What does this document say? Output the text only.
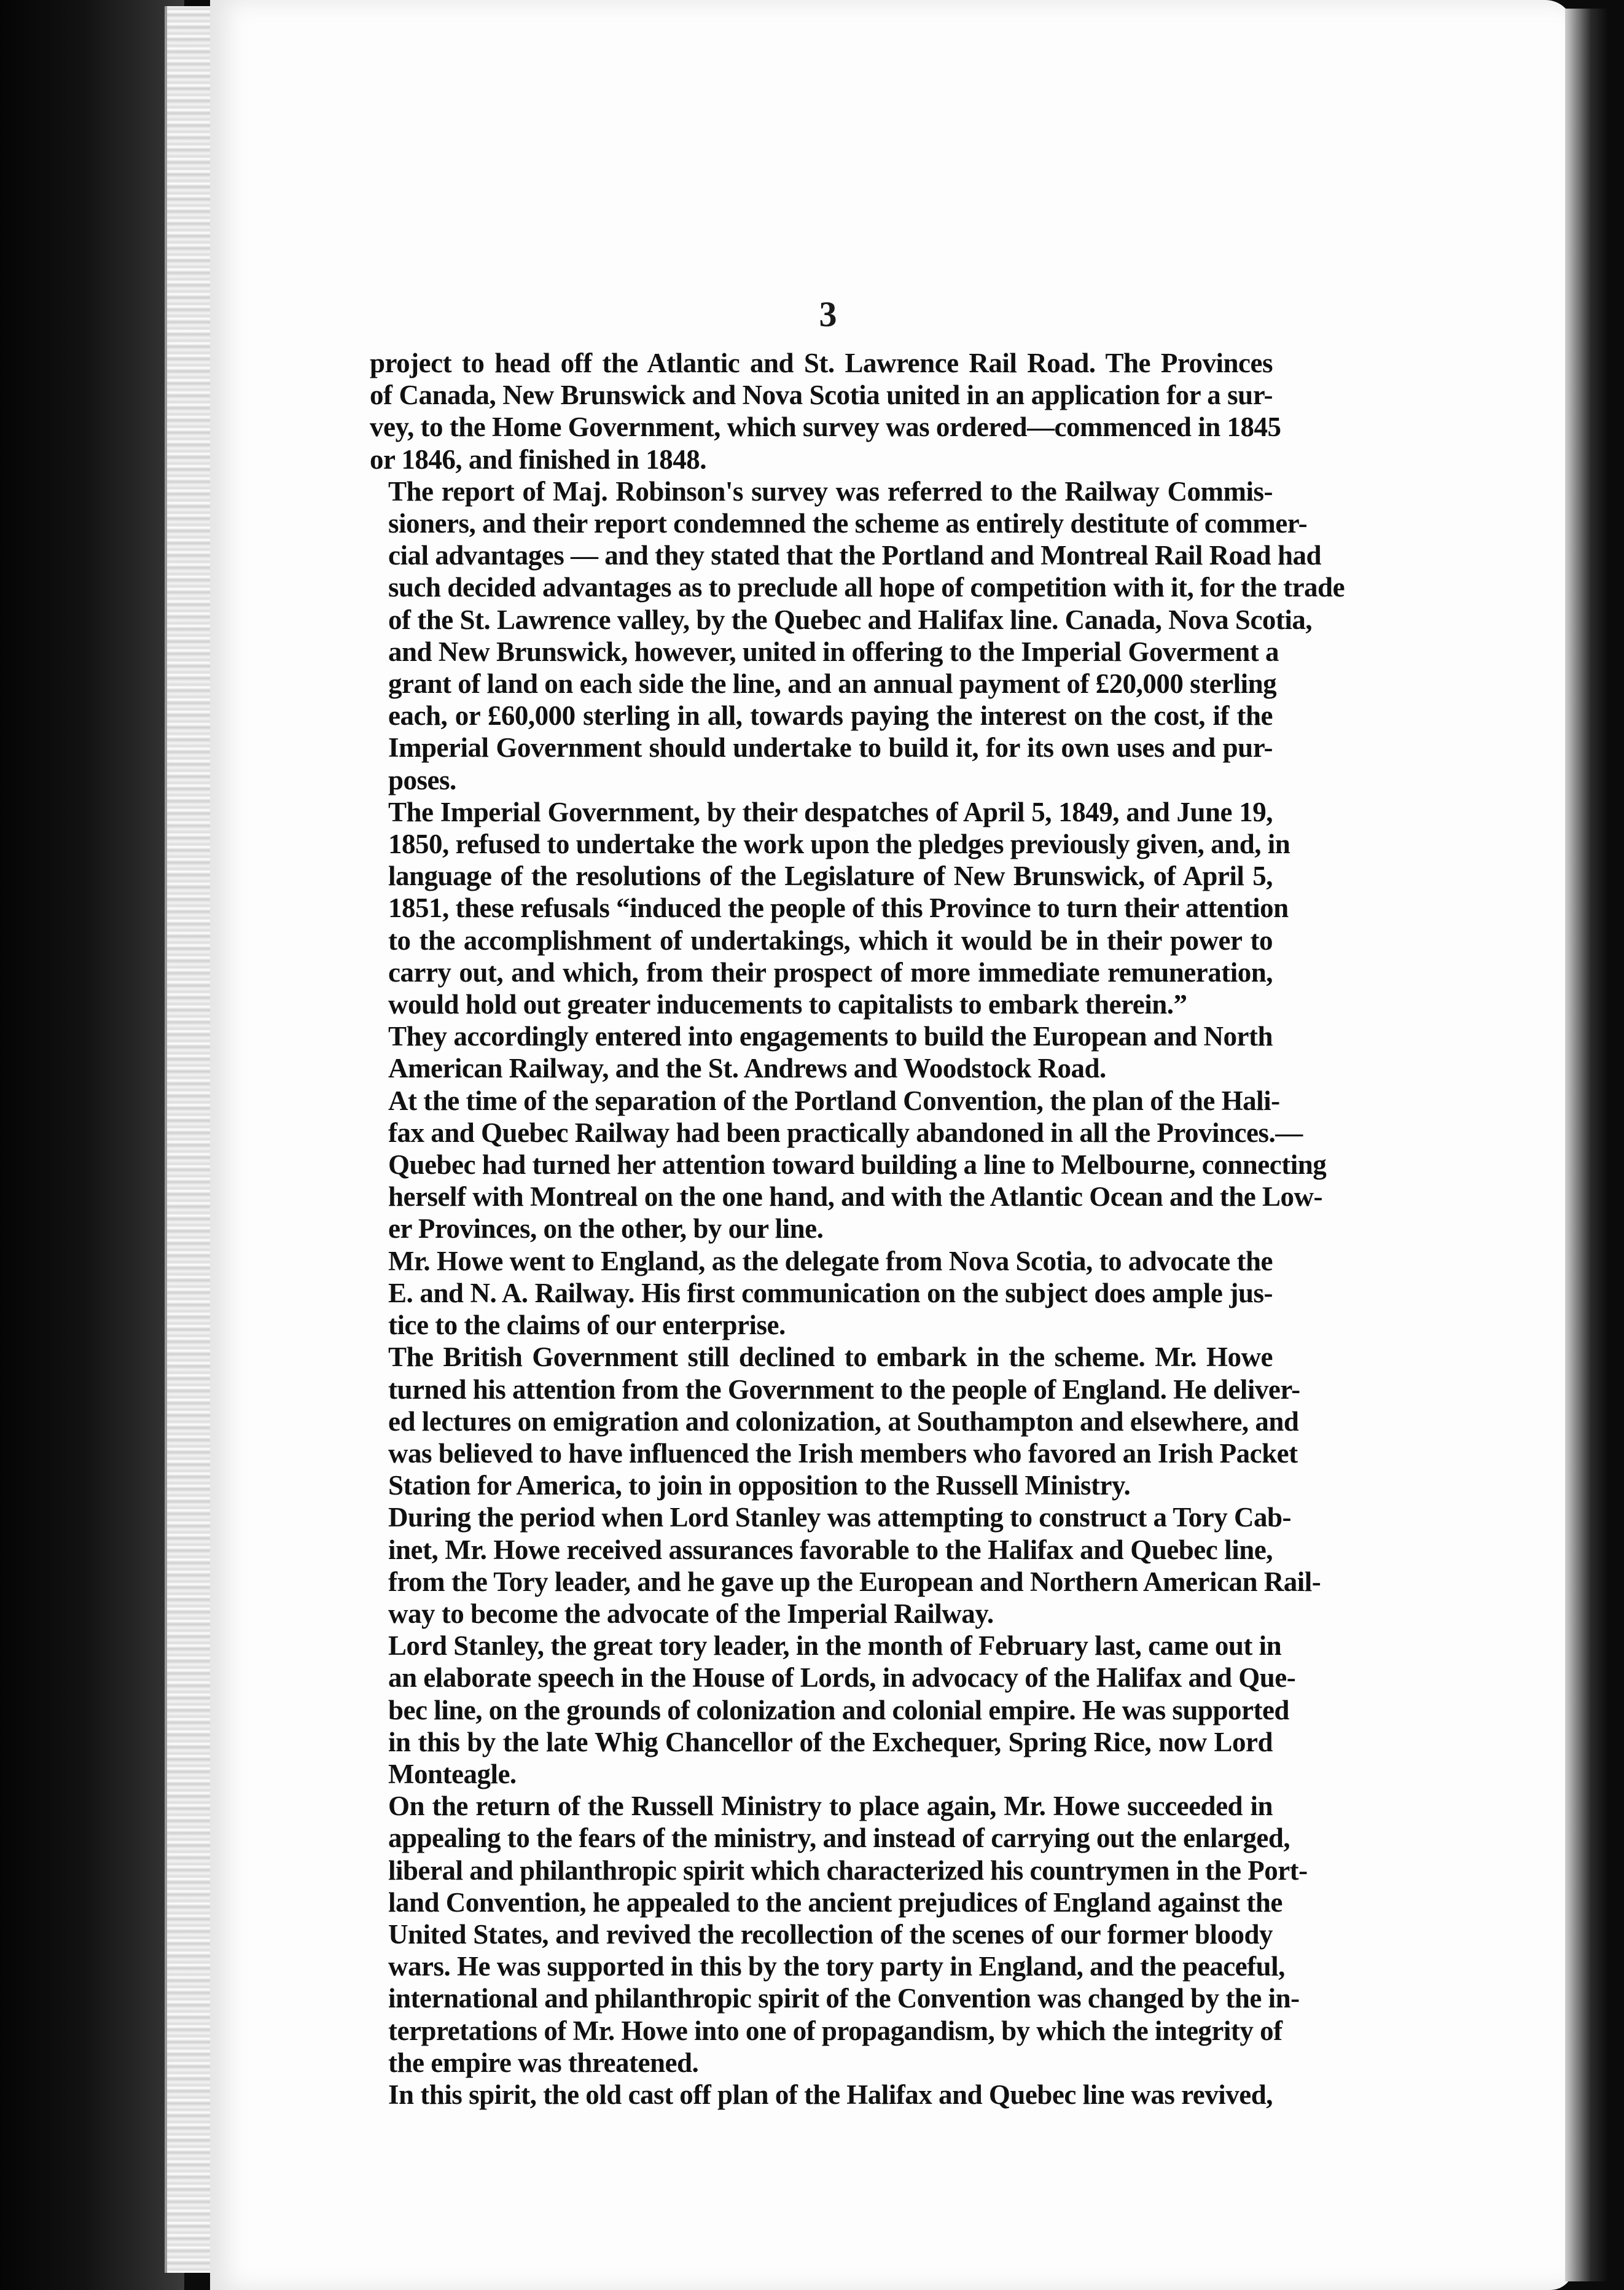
3
project to head off the Atlantic and St. Lawrence Rail Road. The Provinces
of Canada, New Brunswick and Nova Scotia united in an application for a sur-
vey, to the Home Government, which survey was ordered—commenced in 1845
or 1846, and finished in 1848.
The report of Maj. Robinson's survey was referred to the Railway Commis-
sioners, and their report condemned the scheme as entirely destitute of commer-
cial advantages — and they stated that the Portland and Montreal Rail Road had
such decided advantages as to preclude all hope of competition with it, for the trade
of the St. Lawrence valley, by the Quebec and Halifax line. Canada, Nova Scotia,
and New Brunswick, however, united in offering to the Imperial Goverment a
grant of land on each side the line, and an annual payment of £20,000 sterling
each, or £60,000 sterling in all, towards paying the interest on the cost, if the
Imperial Government should undertake to build it, for its own uses and pur-
poses.
The Imperial Government, by their despatches of April 5, 1849, and June 19,
1850, refused to undertake the work upon the pledges previously given, and, in
language of the resolutions of the Legislature of New Brunswick, of April 5,
1851, these refusals “induced the people of this Province to turn their attention
to the accomplishment of undertakings, which it would be in their power to
carry out, and which, from their prospect of more immediate remuneration,
would hold out greater inducements to capitalists to embark therein.”
They accordingly entered into engagements to build the European and North
American Railway, and the St. Andrews and Woodstock Road.
At the time of the separation of the Portland Convention, the plan of the Hali-
fax and Quebec Railway had been practically abandoned in all the Provinces.—
Quebec had turned her attention toward building a line to Melbourne, connecting
herself with Montreal on the one hand, and with the Atlantic Ocean and the Low-
er Provinces, on the other, by our line.
Mr. Howe went to England, as the delegate from Nova Scotia, to advocate the
E. and N. A. Railway. His first communication on the subject does ample jus-
tice to the claims of our enterprise.
The British Government still declined to embark in the scheme. Mr. Howe
turned his attention from the Government to the people of England. He deliver-
ed lectures on emigration and colonization, at Southampton and elsewhere, and
was believed to have influenced the Irish members who favored an Irish Packet
Station for America, to join in opposition to the Russell Ministry.
During the period when Lord Stanley was attempting to construct a Tory Cab-
inet, Mr. Howe received assurances favorable to the Halifax and Quebec line,
from the Tory leader, and he gave up the European and Northern American Rail-
way to become the advocate of the Imperial Railway.
Lord Stanley, the great tory leader, in the month of February last, came out in
an elaborate speech in the House of Lords, in advocacy of the Halifax and Que-
bec line, on the grounds of colonization and colonial empire. He was supported
in this by the late Whig Chancellor of the Exchequer, Spring Rice, now Lord
Monteagle.
On the return of the Russell Ministry to place again, Mr. Howe succeeded in
appealing to the fears of the ministry, and instead of carrying out the enlarged,
liberal and philanthropic spirit which characterized his countrymen in the Port-
land Convention, he appealed to the ancient prejudices of England against the
United States, and revived the recollection of the scenes of our former bloody
wars. He was supported in this by the tory party in England, and the peaceful,
international and philanthropic spirit of the Convention was changed by the in-
terpretations of Mr. Howe into one of propagandism, by which the integrity of
the empire was threatened.
In this spirit, the old cast off plan of the Halifax and Quebec line was revived,
